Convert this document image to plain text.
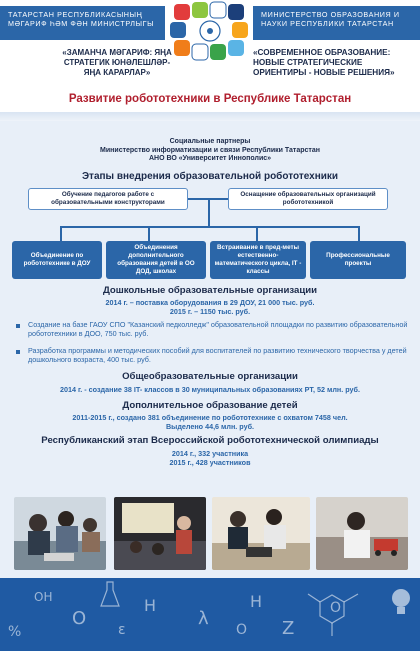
ТАТАРСТАН РЕСПУБЛИКАСЫНЫҢ МӘГАРИФ ҺӘМ ФӘН МИНИСТРЛЫГЫ
МИНИСТЕРСТВО ОБРАЗОВАНИЯ И НАУКИ РЕСПУБЛИКИ ТАТАРСТАН
«ЗАМАНЧА МӘГАРИФ: ЯҢА СТРАТЕГИК ЮНӘЛЕШЛӘР- ЯҢА КАРАРЛАР»
«СОВРЕМЕННОЕ ОБРАЗОВАНИЕ: НОВЫЕ СТРАТЕГИЧЕСКИЕ ОРИЕНТИРЫ - НОВЫЕ РЕШЕНИЯ»
Развитие робототехники в Республике Татарстан
Социальные партнеры
Министерство информатизации и связи Республики Татарстан
АНО ВО «Университет Иннополис»
Этапы внедрения образовательной робототехники
Обучение педагогов работе с образовательными конструкторами
Оснащение образовательных организаций робототехникой
Объединение по робототехнике в ДОУ
Объединения дополнительного образования детей в ОО ДОД, школах
Встраивание в пред-меты естественно-математического цикла, IT - классы
Профессиональные проекты
Дошкольные образовательные организации
2014 г. – поставка оборудования в 29 ДОУ, 21 000 тыс. руб.
2015 г. – 1150 тыс. руб.
Создание на базе ГАОУ СПО "Казанский педколледж" образовательной площадки по развитию образовательной робототехники в ДОО, 750 тыс. руб.
Разработка программы и методических пособий для воспитателей по развитию технического творчества у детей дошкольного возраста, 400 тыс. руб.
Общеобразовательные организации
2014 г. - создание 38 IT- классов в 30 муниципальных образованиях РТ, 52 млн. руб.
Дополнительное образование детей
2011-2015 г., создано 381 объединение по робототехнике с охватом 7458 чел.
Выделено 44,6 млн. руб.
Республиканский этап Всероссийской робототехнической олимпиады
2014 г., 332 участника
2015 г., 428 участников
OH
O
H
λ
H
O Z
O
ε
%
